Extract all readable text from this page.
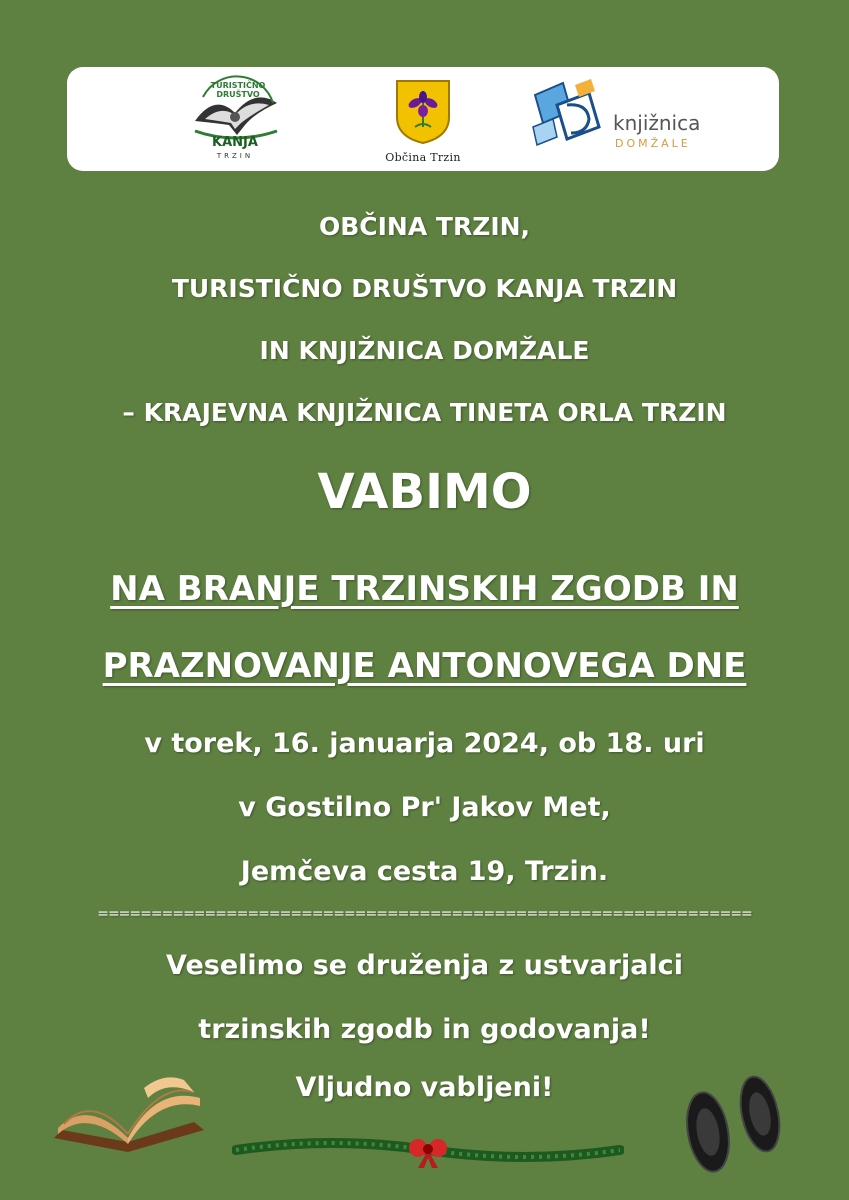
TURISTIČNO DRUŠTVO
KANJA
TRZIN	Občina Trzin
knjižnica
DOMŽALE
OBČINA TRZIN,
TURISTIČNO DRUŠTVO KANJA TRZIN
IN KNJIŽNICA DOMŽALE
– KRAJEVNA KNJIŽNICA TINETA ORLA TRZIN
VABIMO
NA BRANJE TRZINSKIH ZGODB IN
PRAZNOVANJE ANTONOVEGA DNE
v torek, 16. januarja 2024, ob 18. uri
v Gostilno Pr' Jakov Met,
Jemčeva cesta 19, Trzin.
=============================================================
Veselimo se druženja z ustvarjalci
trzinskih zgodb in godovanja!
Vljudno vabljeni!
